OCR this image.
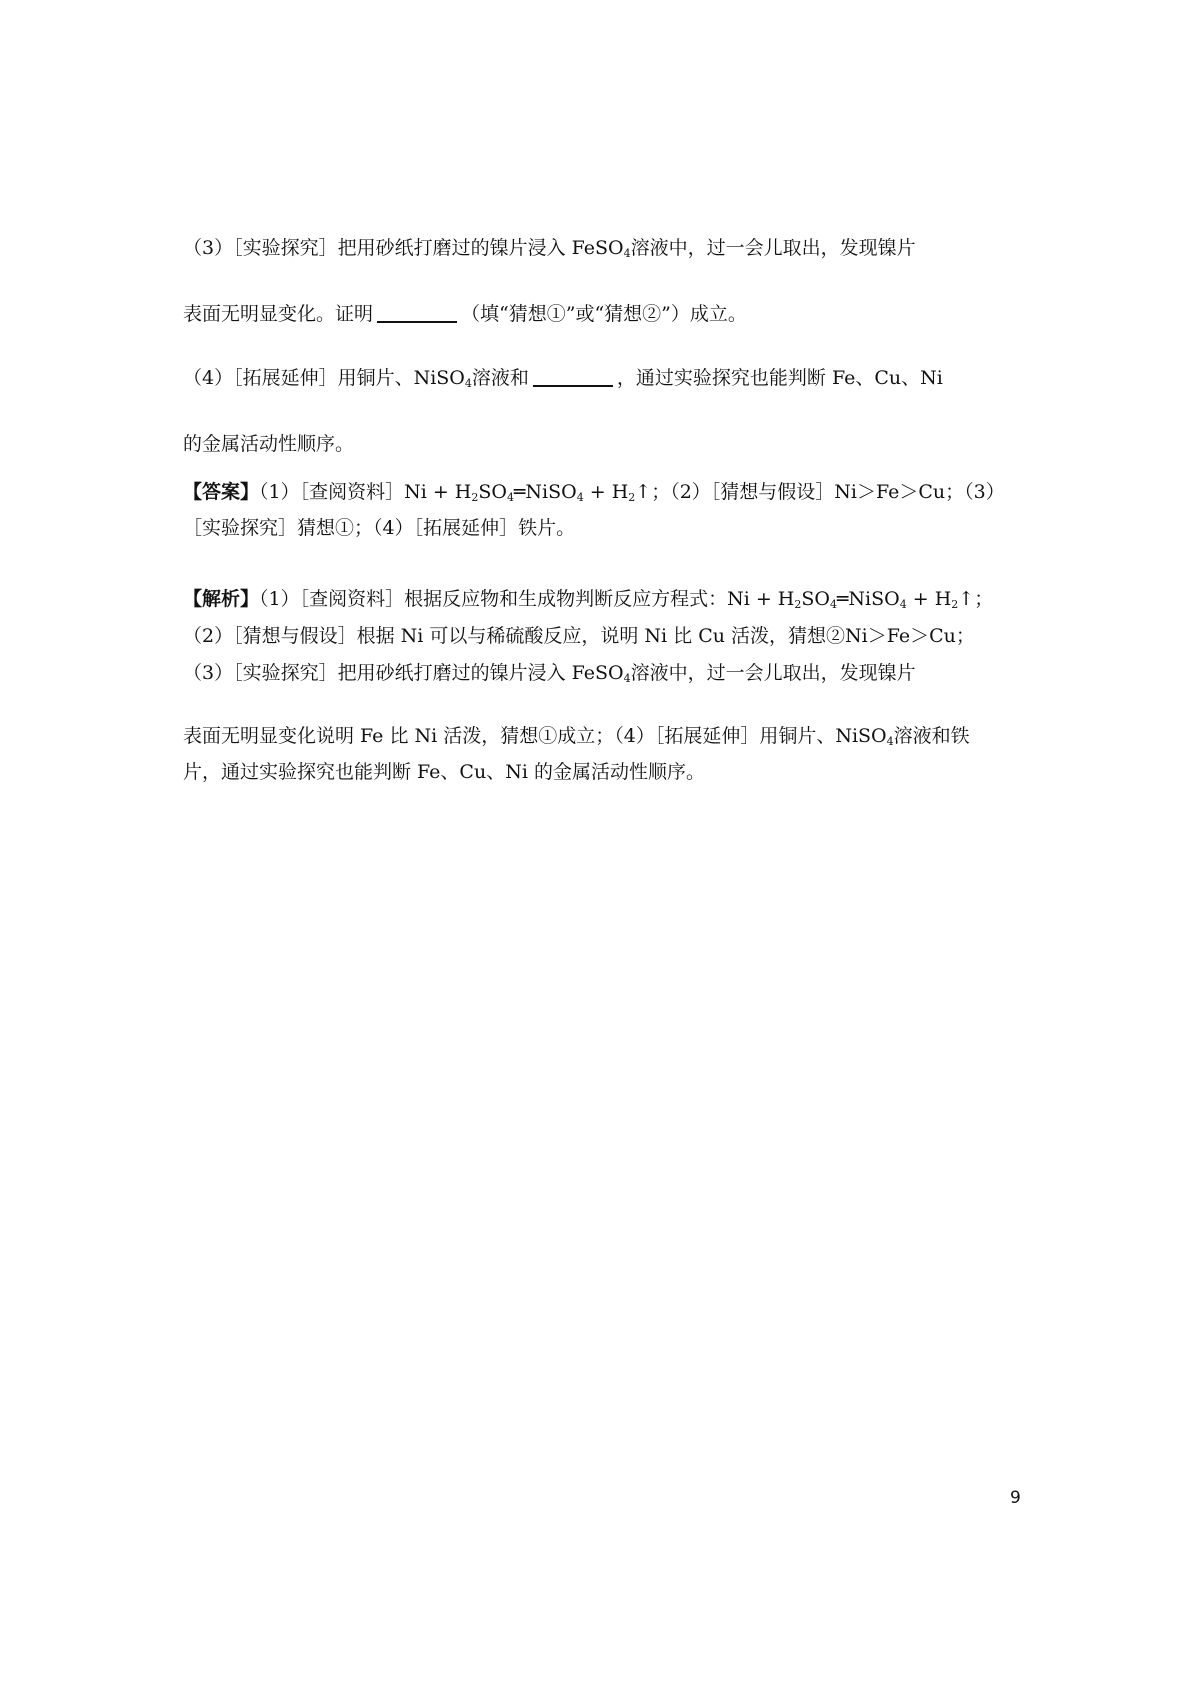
（3）［实验探究］把用砂纸打磨过的镍片浸入 FeSO$_4$溶液中，过一会儿取出，发现镍片
表面无明显变化。证明	（填“猜想①”或“猜想②”）成立。
（4）［拓展延伸］用铜片、NiSO$_4$溶液和	，通过实验探究也能判断 Fe、Cu、Ni
的金属活动性顺序。
【答案】（1）［查阅资料］Ni + $H_2SO_4═NiSO_4$ + $H_2↑$；（2）［猜想与假设］Ni＞Fe＞Cu；（3）
［实验探究］猜想①；（4）［拓展延伸］铁片。
【解析】（1）［查阅资料］根据反应物和生成物判断反应方程式：$Ni + H_2SO_4═NiSO_4$ + $H_2↑$；
（2）［猜想与假设］根据 Ni 可以与稀硫酸反应，说明 Ni 比 Cu 活泼，猜想②Ni＞Fe＞Cu；
（3）［实验探究］把用砂纸打磨过的镍片浸入 FeSO$_4$溶液中，过一会儿取出，发现镍片
表面无明显变化说明 Fe 比 Ni 活泼，猜想①成立；（4）［拓展延伸］用铜片、NiSO$_4$溶液和铁
片，通过实验探究也能判断 Fe、Cu、Ni 的金属活动性顺序。
9
